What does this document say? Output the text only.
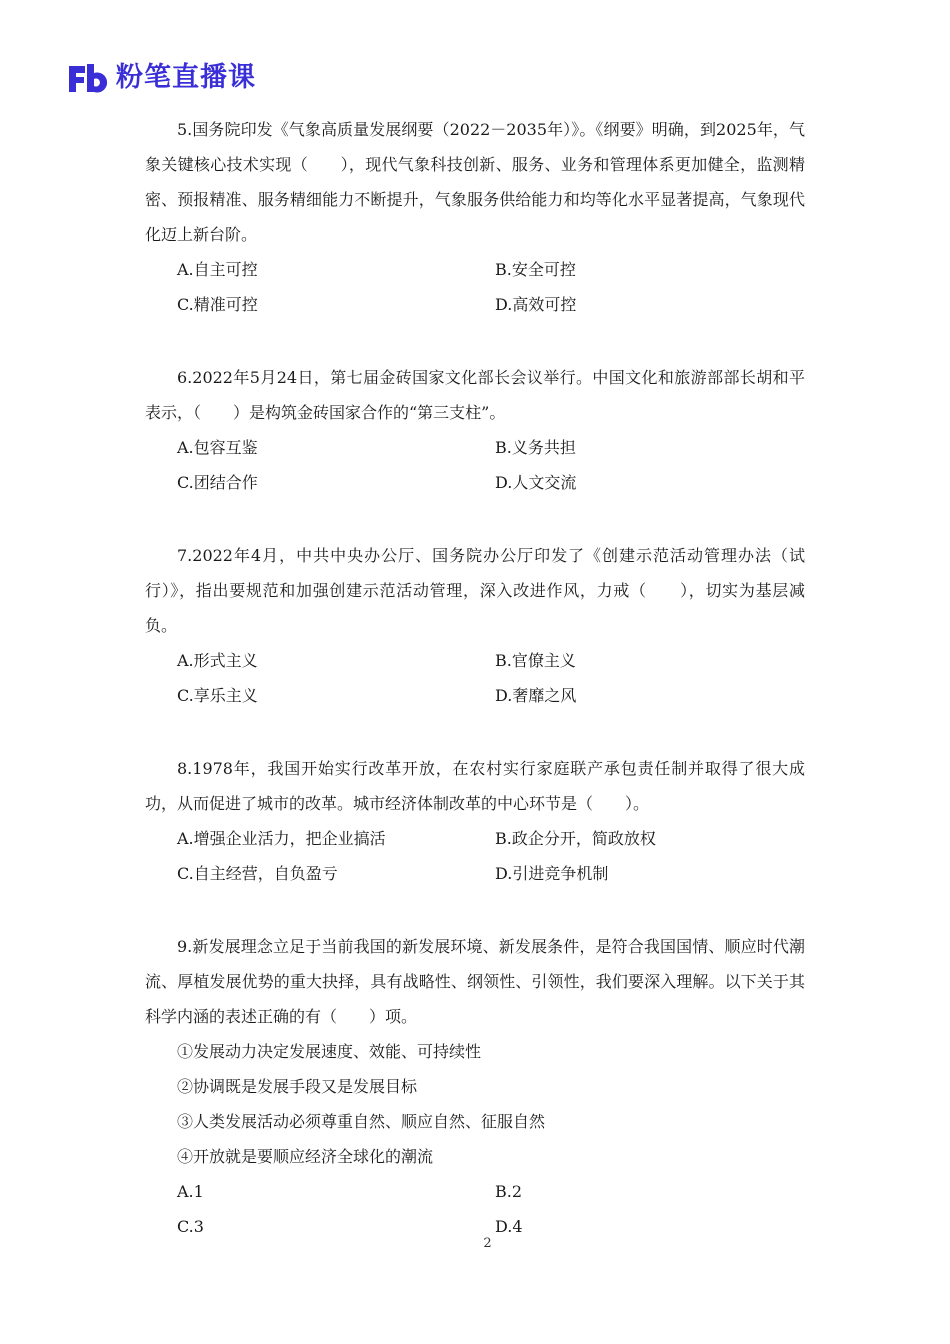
粉笔直播课

5.国务院印发《气象高质量发展纲要（2022－2035年）》。《纲要》明确，到2025年，气象关键核心技术实现（　　），现代气象科技创新、服务、业务和管理体系更加健全，监测精密、预报精准、服务精细能力不断提升，气象服务供给能力和均等化水平显著提高，气象现代化迈上新台阶。

A.自主可控	B.安全可控
C.精准可控	D.高效可控

6.2022年5月24日，第七届金砖国家文化部长会议举行。中国文化和旅游部部长胡和平表示，（　　）是构筑金砖国家合作的“第三支柱”。

A.包容互鉴	B.义务共担
C.团结合作	D.人文交流

7.2022年4月，中共中央办公厅、国务院办公厅印发了《创建示范活动管理办法（试行）》，指出要规范和加强创建示范活动管理，深入改进作风，力戒（　　），切实为基层减负。

A.形式主义	B.官僚主义
C.享乐主义	D.奢靡之风

8.1978年，我国开始实行改革开放，在农村实行家庭联产承包责任制并取得了很大成功，从而促进了城市的改革。城市经济体制改革的中心环节是（　　）。

A.增强企业活力，把企业搞活	B.政企分开，简政放权
C.自主经营，自负盈亏	D.引进竞争机制

9.新发展理念立足于当前我国的新发展环境、新发展条件，是符合我国国情、顺应时代潮流、厚植发展优势的重大抉择，具有战略性、纲领性、引领性，我们要深入理解。以下关于其科学内涵的表述正确的有（　　）项。

①发展动力决定发展速度、效能、可持续性

②协调既是发展手段又是发展目标

③人类发展活动必须尊重自然、顺应自然、征服自然

④开放就是要顺应经济全球化的潮流

A.1	B.2
C.3	D.4
2
